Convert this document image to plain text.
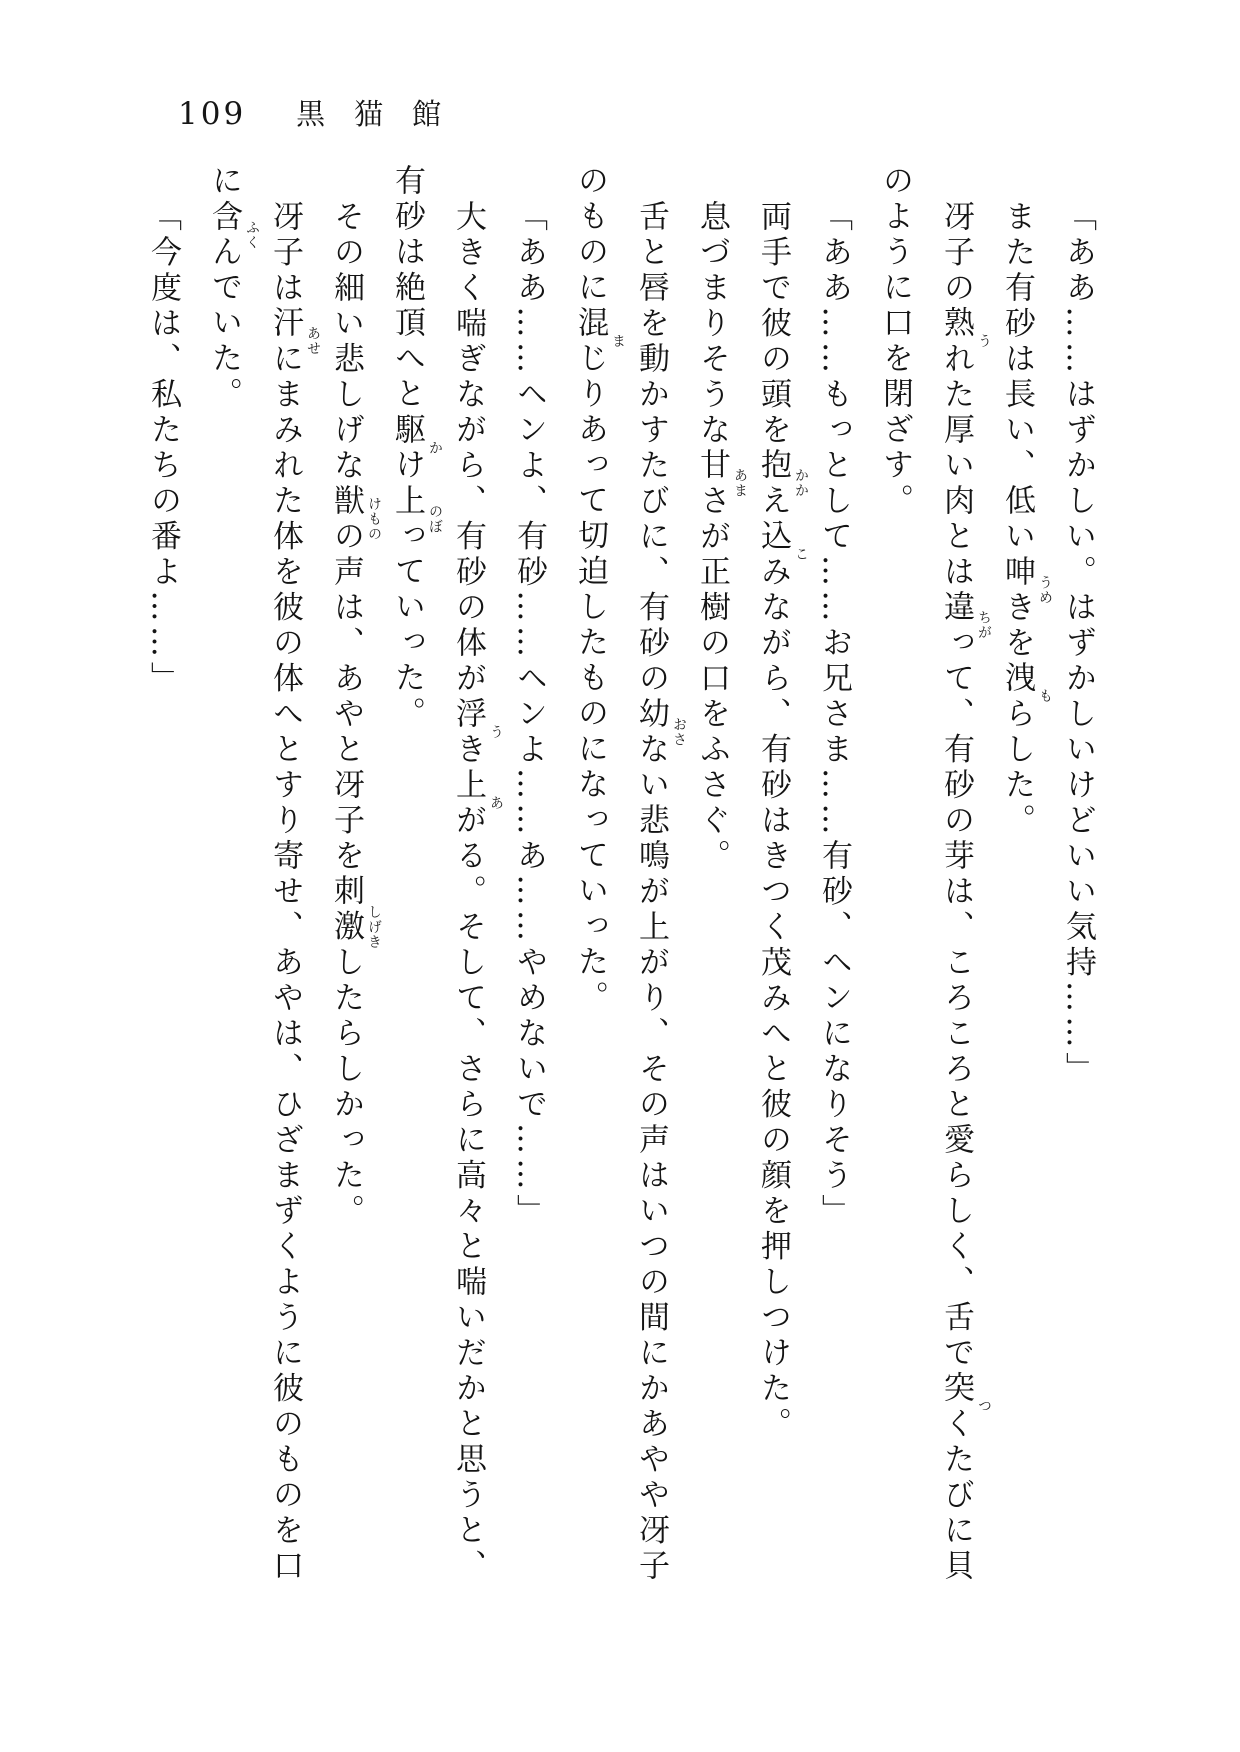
109 黒猫館

「ああ……はずかしい。はずかしいけどいい気持……」

また有砂は長い、低い呻 うめ
きを洩 も
らした。

冴子の熟 う
れた厚い肉とは違 ちが
って、有砂の芽は、ころころと愛らしく、舌で突 つ
くたびに貝のように口を閉ざす。

「ああ……もっとして……お兄さま……有砂、ヘンになりそう」

両手で彼の頭を抱 かか
え込 こ
みながら、有砂はきつく茂みへと彼の顔を押しつけた。

息づまりそうな甘 あま
さが正樹の口をふさぐ。

舌と唇を動かすたびに、有砂の幼 おさ
ない悲鳴が上がり、その声はいつの間にかあやや冴子のものに混 ま
じりあって切迫したものになっていった。

「ああ……ヘンよ、有砂……ヘンよ……あ……やめないで……」

大きく喘ぎながら、有砂の体が浮 う
き上 あ
がる。そして、さらに高々と喘いだかと思うと、有砂は絶頂へと駆 か
け上 のぼ
っていった。

その細い悲しげな獣 けもの
の声は、あやと冴子を刺激 しげき
したらしかった。

冴子は汗 あせ
にまみれた体を彼の体へとすり寄せ、あやは、ひざまずくように彼のものを口に含 ふく
んでいた。

「今度は、私たちの番よ……」
